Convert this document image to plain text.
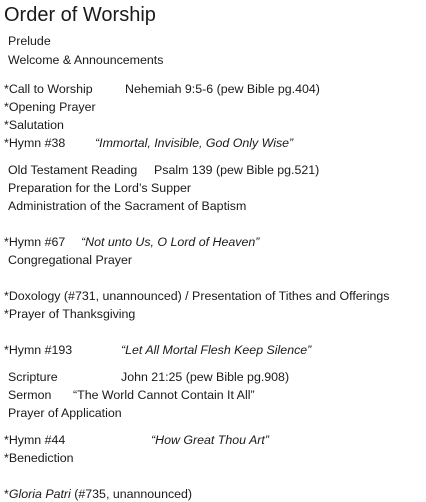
Order of Worship
Prelude
Welcome & Announcements
*Call to Worship	Nehemiah 9:5-6 (pew Bible pg.404)
*Opening Prayer
*Salutation
*Hymn #38 “Immortal, Invisible, God Only Wise”
Old Testament Reading Psalm 139 (pew Bible pg.521)
Preparation for the Lord’s Supper
Administration of the Sacrament of Baptism
*Hymn #67 “Not unto Us, O Lord of Heaven”
Congregational Prayer
*Doxology (#731, unannounced) / Presentation of Tithes and Offerings
*Prayer of Thanksgiving
*Hymn #193	“Let All Mortal Flesh Keep Silence”
Scripture	John 21:25 (pew Bible pg.908)
Sermon “The World Cannot Contain It All”
Prayer of Application
*Hymn #44	“How Great Thou Art”
*Benediction
*Gloria Patri (#735, unannounced)
